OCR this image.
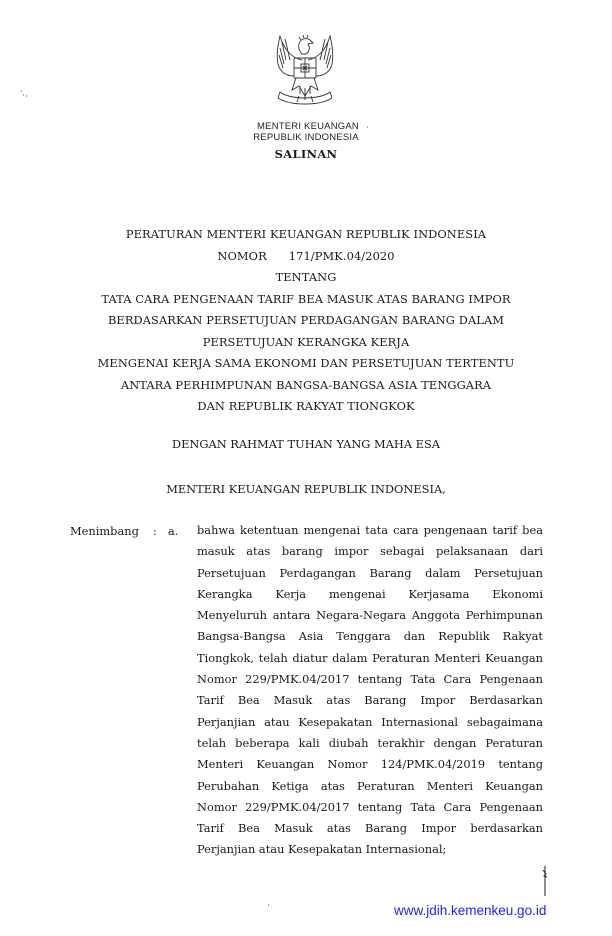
MENTERI KEUANGAN
REPUBLIK INDONESIA
SALINAN
PERATURAN MENTERI KEUANGAN REPUBLIK INDONESIA
NOMOR 171/PMK.04/2020
TENTANG
TATA CARA PENGENAAN TARIF BEA MASUK ATAS BARANG IMPOR
BERDASARKAN PERSETUJUAN PERDAGANGAN BARANG DALAM
PERSETUJUAN KERANGKA KERJA
MENGENAI KERJA SAMA EKONOMI DAN PERSETUJUAN TERTENTU
ANTARA PERHIMPUNAN BANGSA-BANGSA ASIA TENGGARA
DAN REPUBLIK RAKYAT TIONGKOK
DENGAN RAHMAT TUHAN YANG MAHA ESA
MENTERI KEUANGAN REPUBLIK INDONESIA,
Menimbang : a. bahwa ketentuan mengenai tata cara pengenaan tarif bea
masuk atas barang impor sebagai pelaksanaan dari
Persetujuan Perdagangan Barang dalam Persetujuan
Kerangka Kerja mengenai Kerjasama Ekonomi
Menyeluruh antara Negara-Negara Anggota Perhimpunan
Bangsa-Bangsa Asia Tenggara dan Republik Rakyat
Tiongkok, telah diatur dalam Peraturan Menteri Keuangan
Nomor 229/PMK.04/2017 tentang Tata Cara Pengenaan
Tarif Bea Masuk atas Barang Impor Berdasarkan
Perjanjian atau Kesepakatan Internasional sebagaimana
telah beberapa kali diubah terakhir dengan Peraturan
Menteri Keuangan Nomor 124/PMK.04/2019 tentang
Perubahan Ketiga atas Peraturan Menteri Keuangan
Nomor 229/PMK.04/2017 tentang Tata Cara Pengenaan
Tarif Bea Masuk atas Barang Impor berdasarkan
Perjanjian atau Kesepakatan Internasional;
www.jdih.kemenkeu.go.id
